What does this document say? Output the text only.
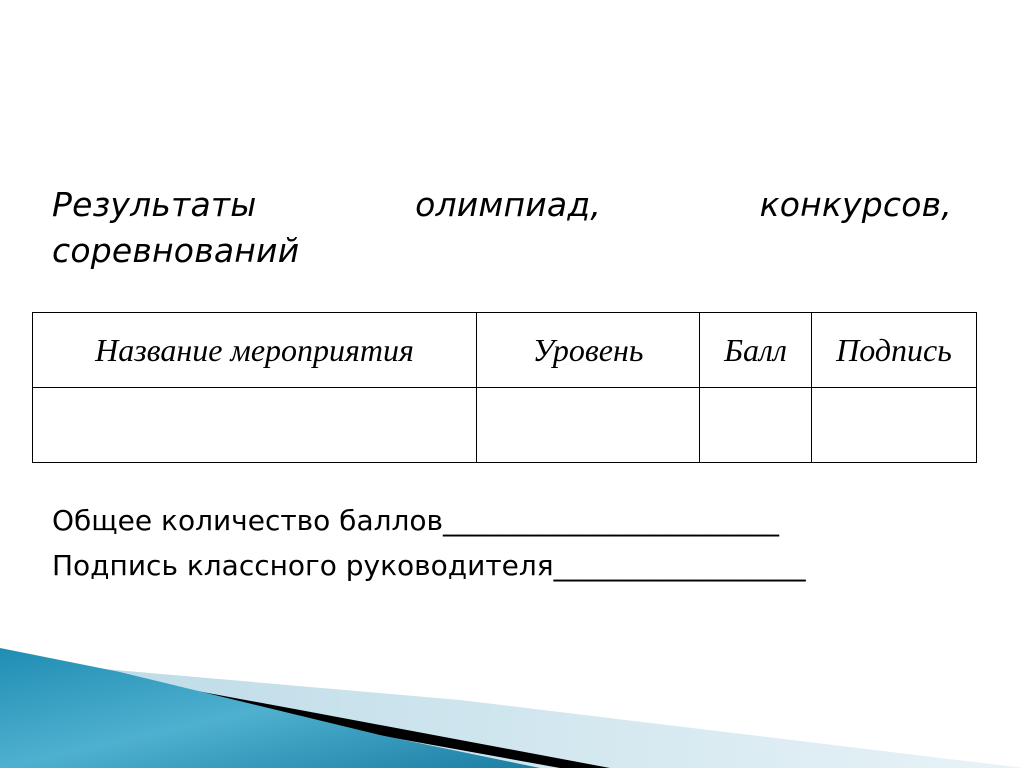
Результаты	олимпиад,	конкурсов,
соревнований
Название мероприятия	Уровень	Балл	Подпись

Общее количество баллов________________________
Подпись классного руководителя__________________
